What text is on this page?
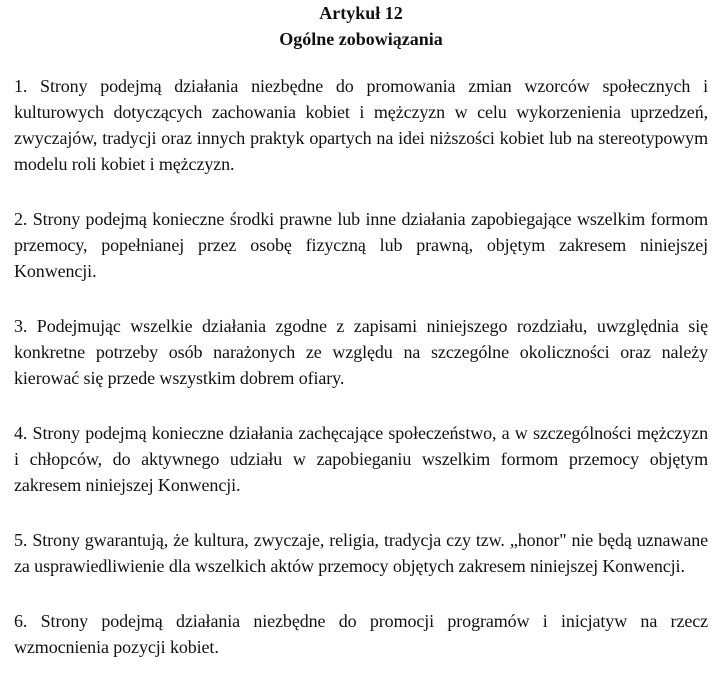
Artykuł 12

Ogólne zobowiązania

1. Strony podejmą działania niezbędne do promowania zmian wzorców społecznych i kulturowych dotyczących zachowania kobiet i mężczyzn w celu wykorzenienia uprzedzeń, zwyczajów, tradycji oraz innych praktyk opartych na idei niższości kobiet lub na stereotypowym modelu roli kobiet i mężczyzn.

2. Strony podejmą konieczne środki prawne lub inne działania zapobiegające wszelkim formom przemocy, popełnianej przez osobę fizyczną lub prawną, objętym zakresem niniejszej Konwencji.

3. Podejmując wszelkie działania zgodne z zapisami niniejszego rozdziału, uwzględnia się konkretne potrzeby osób narażonych ze względu na szczególne okoliczności oraz należy kierować się przede wszystkim dobrem ofiary.

4. Strony podejmą konieczne działania zachęcające społeczeństwo, a w szczególności mężczyzn i chłopców, do aktywnego udziału w zapobieganiu wszelkim formom przemocy objętym zakresem niniejszej Konwencji.

5. Strony gwarantują, że kultura, zwyczaje, religia, tradycja czy tzw. „honor" nie będą uznawane za usprawiedliwienie dla wszelkich aktów przemocy objętych zakresem niniejszej Konwencji.

6. Strony podejmą działania niezbędne do promocji programów i inicjatyw na rzecz wzmocnienia pozycji kobiet.
